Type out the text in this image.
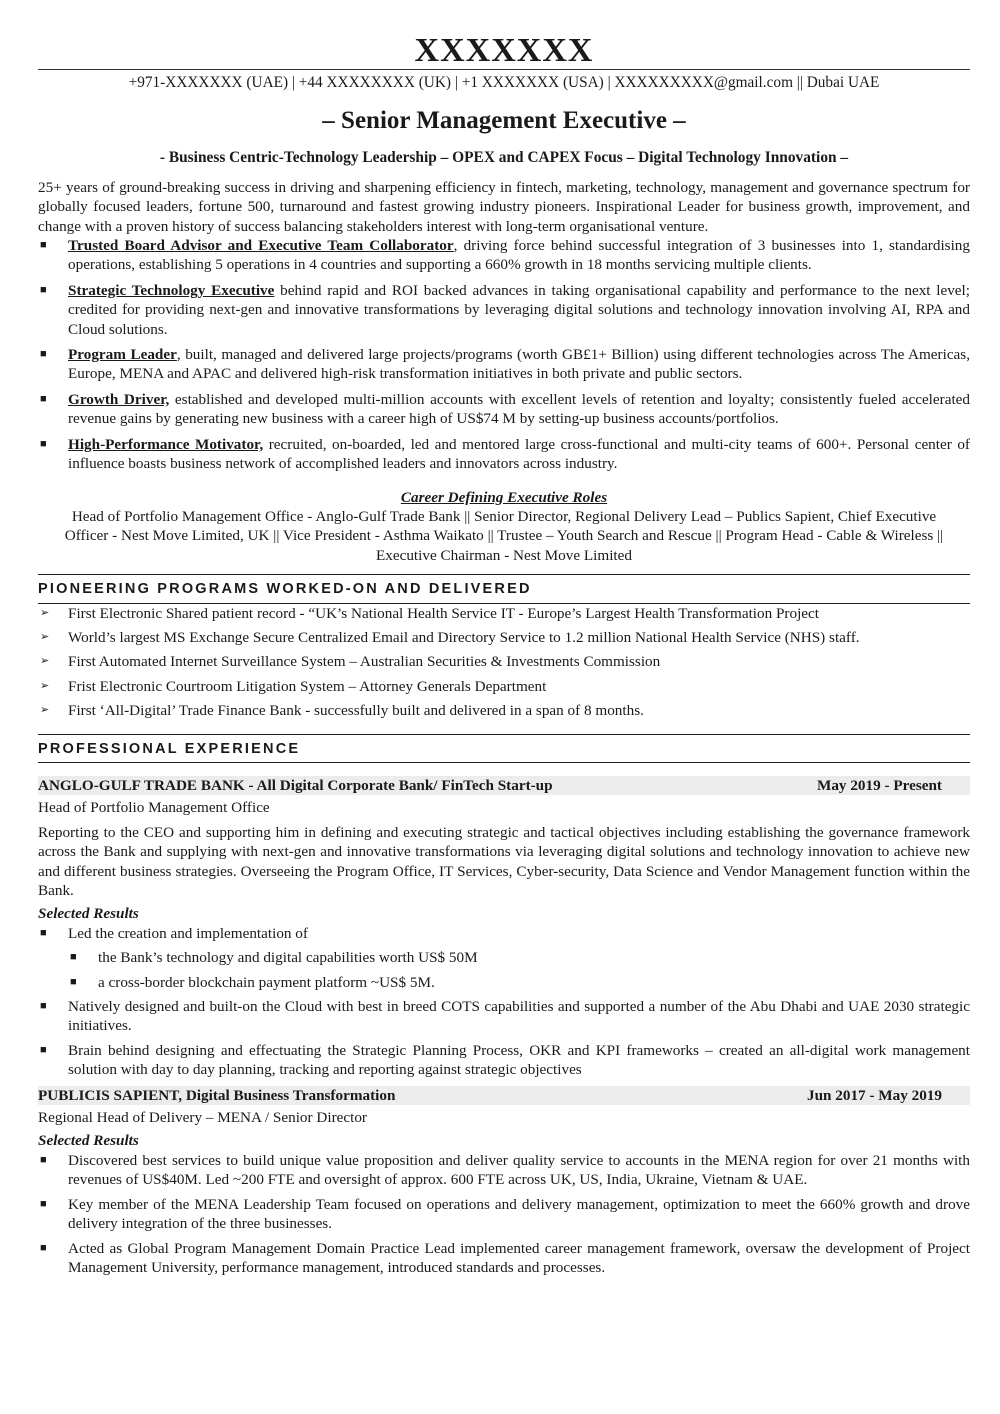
XXXXXXX
+971-XXXXXXX (UAE) | +44 XXXXXXXX (UK) | +1 XXXXXXX (USA) | XXXXXXXXX@gmail.com || Dubai UAE
– Senior Management Executive –
- Business Centric-Technology Leadership – OPEX and CAPEX Focus – Digital Technology Innovation –
25+ years of ground-breaking success in driving and sharpening efficiency in fintech, marketing, technology, management and governance spectrum for globally focused leaders, fortune 500, turnaround and fastest growing industry pioneers. Inspirational Leader for business growth, improvement, and change with a proven history of success balancing stakeholders interest with long-term organisational venture.
■ Trusted Board Advisor and Executive Team Collaborator, driving force behind successful integration of 3 businesses into 1, standardising operations, establishing 5 operations in 4 countries and supporting a 660% growth in 18 months servicing multiple clients.
■ Strategic Technology Executive behind rapid and ROI backed advances in taking organisational capability and performance to the next level; credited for providing next-gen and innovative transformations by leveraging digital solutions and technology innovation involving AI, RPA and Cloud solutions.
■ Program Leader, built, managed and delivered large projects/programs (worth GB£1+ Billion) using different technologies across The Americas, Europe, MENA and APAC and delivered high-risk transformation initiatives in both private and public sectors.
■ Growth Driver, established and developed multi-million accounts with excellent levels of retention and loyalty; consistently fueled accelerated revenue gains by generating new business with a career high of US$74 M by setting-up business accounts/portfolios.
■ High-Performance Motivator, recruited, on-boarded, led and mentored large cross-functional and multi-city teams of 600+. Personal center of influence boasts business network of accomplished leaders and innovators across industry.
Career Defining Executive Roles
Head of Portfolio Management Office - Anglo-Gulf Trade Bank || Senior Director, Regional Delivery Lead – Publics Sapient, Chief Executive Officer - Nest Move Limited, UK || Vice President - Asthma Waikato || Trustee – Youth Search and Rescue || Program Head - Cable & Wireless || Executive Chairman - Nest Move Limited
PIONEERING PROGRAMS WORKED-ON AND DELIVERED
➢ First Electronic Shared patient record - “UK’s National Health Service IT - Europe’s Largest Health Transformation Project
➢ World’s largest MS Exchange Secure Centralized Email and Directory Service to 1.2 million National Health Service (NHS) staff.
➢ First Automated Internet Surveillance System – Australian Securities & Investments Commission
➢ Frist Electronic Courtroom Litigation System – Attorney Generals Department
➢ First ‘All-Digital’ Trade Finance Bank - successfully built and delivered in a span of 8 months.
PROFESSIONAL EXPERIENCE
ANGLO-GULF TRADE BANK - All Digital Corporate Bank/ FinTech Start-up	May 2019 - Present
Head of Portfolio Management Office
Reporting to the CEO and supporting him in defining and executing strategic and tactical objectives including establishing the governance framework across the Bank and supplying with next-gen and innovative transformations via leveraging digital solutions and technology innovation to achieve new and different business strategies. Overseeing the Program Office, IT Services, Cyber-security, Data Science and Vendor Management function within the Bank.
Selected Results
■ Led the creation and implementation of
■ the Bank’s technology and digital capabilities worth US$ 50M
■ a cross-border blockchain payment platform ~US$ 5M.
■ Natively designed and built-on the Cloud with best in breed COTS capabilities and supported a number of the Abu Dhabi and UAE 2030 strategic initiatives.
■ Brain behind designing and effectuating the Strategic Planning Process, OKR and KPI frameworks – created an all-digital work management solution with day to day planning, tracking and reporting against strategic objectives
PUBLICIS SAPIENT, Digital Business Transformation	Jun 2017 - May 2019
Regional Head of Delivery – MENA / Senior Director
Selected Results
■ Discovered best services to build unique value proposition and deliver quality service to accounts in the MENA region for over 21 months with revenues of US$40M. Led ~200 FTE and oversight of approx. 600 FTE across UK, US, India, Ukraine, Vietnam & UAE.
■ Key member of the MENA Leadership Team focused on operations and delivery management, optimization to meet the 660% growth and drove delivery integration of the three businesses.
■ Acted as Global Program Management Domain Practice Lead implemented career management framework, oversaw the development of Project Management University, performance management, introduced standards and processes.
